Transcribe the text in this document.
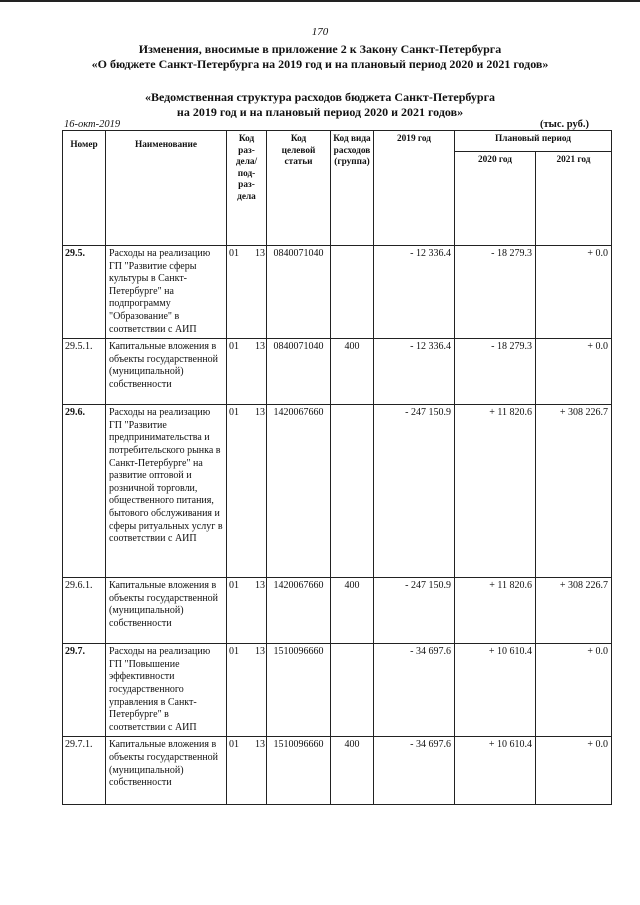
170
Изменения, вносимые в приложение 2 к Закону Санкт-Петербурга
«О бюджете Санкт-Петербурга на 2019 год и на плановый период 2020 и 2021 годов»
«Ведомственная структура расходов бюджета Санкт-Петербурга
на 2019 год и на плановый период 2020 и 2021 годов»
16-окт-2019	(тыс. руб.)
Номер	Наименование	Код раз- дела/ под- раз- дела	Код целевой статьи	Код вида расходов (группа)	2019 год	Плановый период	

						2020 год	2021 год

29.5.	Расходы на реализацию ГП "Развитие сферы культуры в Санкт-Петербурге" на подпрограмму "Образование" в соответствии с АИП	01 13	0840071040		- 12 336.4	- 18 279.3	+ 0.0
29.5.1.	Капитальные вложения в объекты государственной (муниципальной) собственности	01 13	0840071040	400	- 12 336.4	- 18 279.3	+ 0.0
29.6.	Расходы на реализацию ГП "Развитие предпринимательства и потребительского рынка в Санкт-Петербурге" на развитие оптовой и розничной торговли, общественного питания, бытового обслуживания и сферы ритуальных услуг в соответствии с АИП	01 13	1420067660		- 247 150.9	+ 11 820.6	+ 308 226.7
29.6.1.	Капитальные вложения в объекты государственной (муниципальной) собственности	01 13	1420067660	400	- 247 150.9	+ 11 820.6	+ 308 226.7
29.7.	Расходы на реализацию ГП "Повышение эффективности государственного управления в Санкт-Петербурге" в соответствии с АИП	01 13	1510096660		- 34 697.6	+ 10 610.4	+ 0.0
29.7.1.	Капитальные вложения в объекты государственной (муниципальной) собственности	01 13	1510096660	400	- 34 697.6	+ 10 610.4	+ 0.0
